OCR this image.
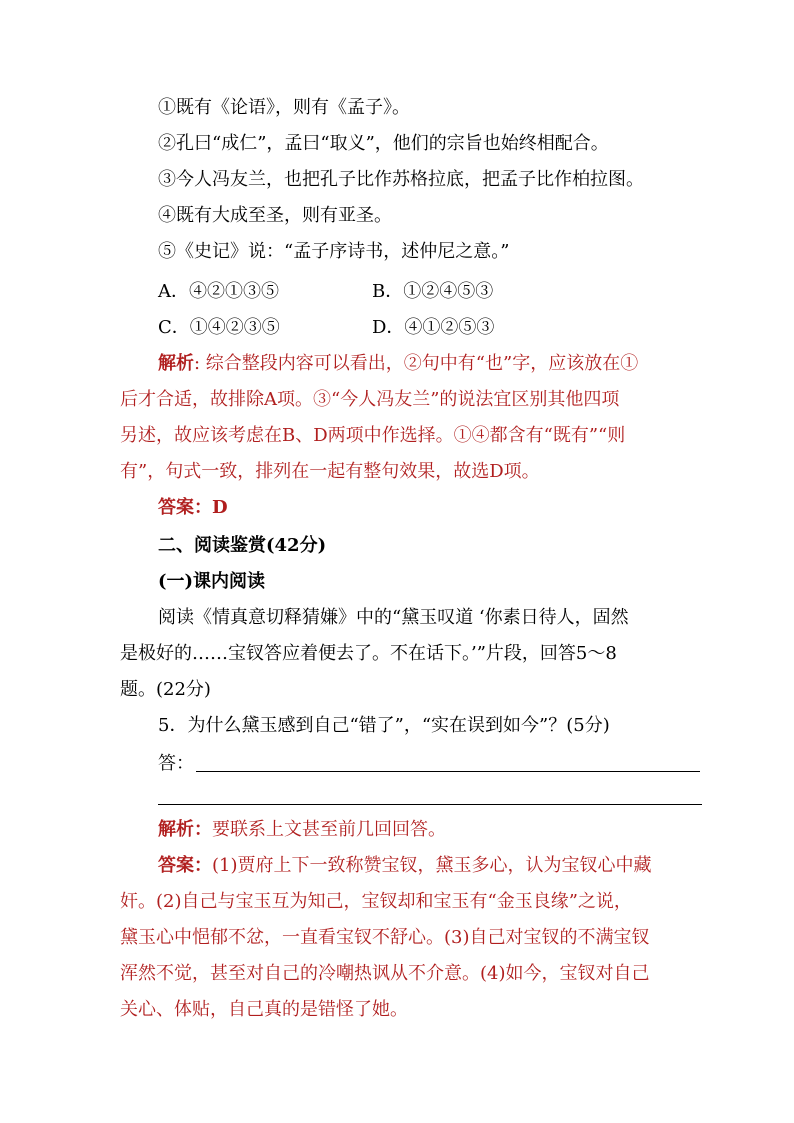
①既有《论语》，则有《孟子》。
②孔曰“成仁”，孟曰“取义”，他们的宗旨也始终相配合。
③今人冯友兰，也把孔子比作苏格拉底，把孟子比作柏拉图。
④既有大成至圣，则有亚圣。
⑤《史记》说：“孟子序诗书，述仲尼之意。”
A．④②①③⑤	B．①②④⑤③
C．①④②③⑤	D．④①②⑤③
解析: 综合整段内容可以看出，②句中有“也”字，应该放在①
后才合适，故排除A项。③“今人冯友兰”的说法宜区别其他四项
另述，故应该考虑在B、D两项中作选择。①④都含有“既有”“则
有”，句式一致，排列在一起有整句效果，故选D项。
答案：D
二、阅读鉴赏(42分)
(一)课内阅读
阅读《情真意切释猜嫌》中的“黛玉叹道 ‘你素日待人，固然
是极好的……宝钗答应着便去了。不在话下。’”片段，回答5～8
题。(22分)
5．为什么黛玉感到自己“错了”，“实在误到如今”？(5分)
答：
解析：要联系上文甚至前几回回答。
答案：(1)贾府上下一致称赞宝钗，黛玉多心，认为宝钗心中藏
奸。(2)自己与宝玉互为知己，宝钗却和宝玉有“金玉良缘”之说，
黛玉心中悒郁不忿，一直看宝钗不舒心。(3)自己对宝钗的不满宝钗
浑然不觉，甚至对自己的冷嘲热讽从不介意。(4)如今，宝钗对自己
关心、体贴，自己真的是错怪了她。
